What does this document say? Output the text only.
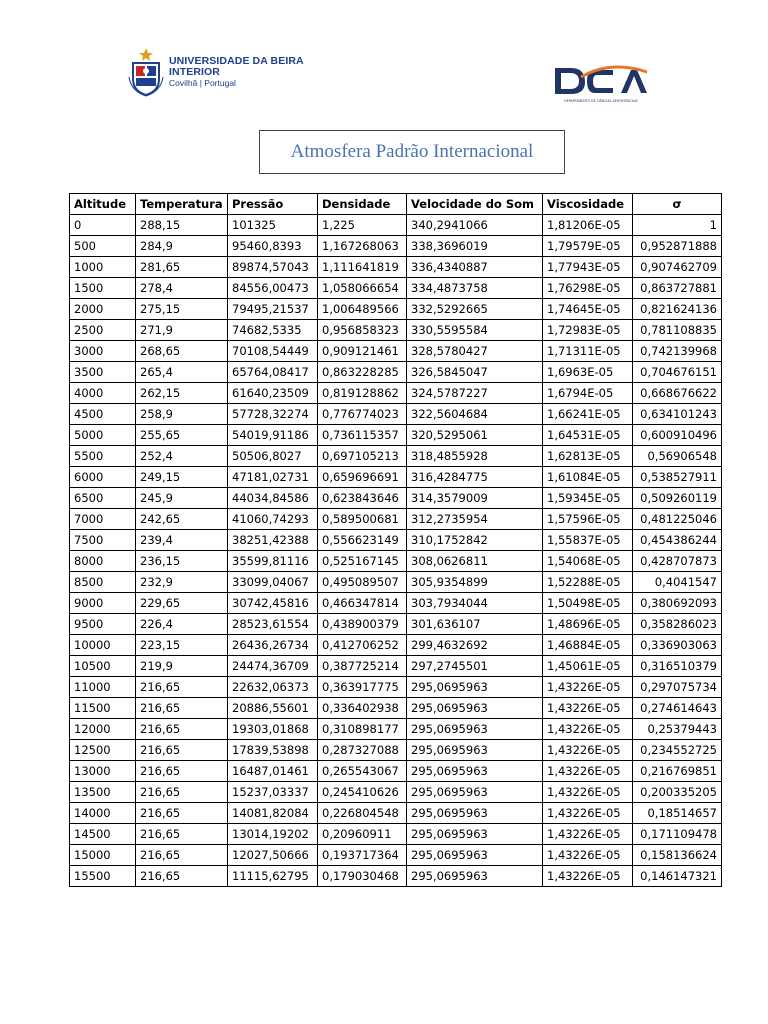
UNIVERSIDADE DA BEIRA INTERIOR
Covilhã | Portugal
DEPARTAMENTO DE CIÊNCIAS AEROESPACIAIS
Atmosfera Padrão Internacional
Altitude	Temperatura	Pressão	Densidade	Velocidade do Som	Viscosidade	σ
0	288,15	101325	1,225	340,2941066	1,81206E-05	1
500	284,9	95460,8393	1,167268063	338,3696019	1,79579E-05	0,952871888
1000	281,65	89874,57043	1,111641819	336,4340887	1,77943E-05	0,907462709
1500	278,4	84556,00473	1,058066654	334,4873758	1,76298E-05	0,863727881
2000	275,15	79495,21537	1,006489566	332,5292665	1,74645E-05	0,821624136
2500	271,9	74682,5335	0,956858323	330,5595584	1,72983E-05	0,781108835
3000	268,65	70108,54449	0,909121461	328,5780427	1,71311E-05	0,742139968
3500	265,4	65764,08417	0,863228285	326,5845047	1,6963E-05	0,704676151
4000	262,15	61640,23509	0,819128862	324,5787227	1,6794E-05	0,668676622
4500	258,9	57728,32274	0,776774023	322,5604684	1,66241E-05	0,634101243
5000	255,65	54019,91186	0,736115357	320,5295061	1,64531E-05	0,600910496
5500	252,4	50506,8027	0,697105213	318,4855928	1,62813E-05	0,56906548
6000	249,15	47181,02731	0,659696691	316,4284775	1,61084E-05	0,538527911
6500	245,9	44034,84586	0,623843646	314,3579009	1,59345E-05	0,509260119
7000	242,65	41060,74293	0,589500681	312,2735954	1,57596E-05	0,481225046
7500	239,4	38251,42388	0,556623149	310,1752842	1,55837E-05	0,454386244
8000	236,15	35599,81116	0,525167145	308,0626811	1,54068E-05	0,428707873
8500	232,9	33099,04067	0,495089507	305,9354899	1,52288E-05	0,4041547
9000	229,65	30742,45816	0,466347814	303,7934044	1,50498E-05	0,380692093
9500	226,4	28523,61554	0,438900379	301,636107	1,48696E-05	0,358286023
10000	223,15	26436,26734	0,412706252	299,4632692	1,46884E-05	0,336903063
10500	219,9	24474,36709	0,387725214	297,2745501	1,45061E-05	0,316510379
11000	216,65	22632,06373	0,363917775	295,0695963	1,43226E-05	0,297075734
11500	216,65	20886,55601	0,336402938	295,0695963	1,43226E-05	0,274614643
12000	216,65	19303,01868	0,310898177	295,0695963	1,43226E-05	0,25379443
12500	216,65	17839,53898	0,287327088	295,0695963	1,43226E-05	0,234552725
13000	216,65	16487,01461	0,265543067	295,0695963	1,43226E-05	0,216769851
13500	216,65	15237,03337	0,245410626	295,0695963	1,43226E-05	0,200335205
14000	216,65	14081,82084	0,226804548	295,0695963	1,43226E-05	0,18514657
14500	216,65	13014,19202	0,20960911	295,0695963	1,43226E-05	0,171109478
15000	216,65	12027,50666	0,193717364	295,0695963	1,43226E-05	0,158136624
15500	216,65	11115,62795	0,179030468	295,0695963	1,43226E-05	0,146147321
